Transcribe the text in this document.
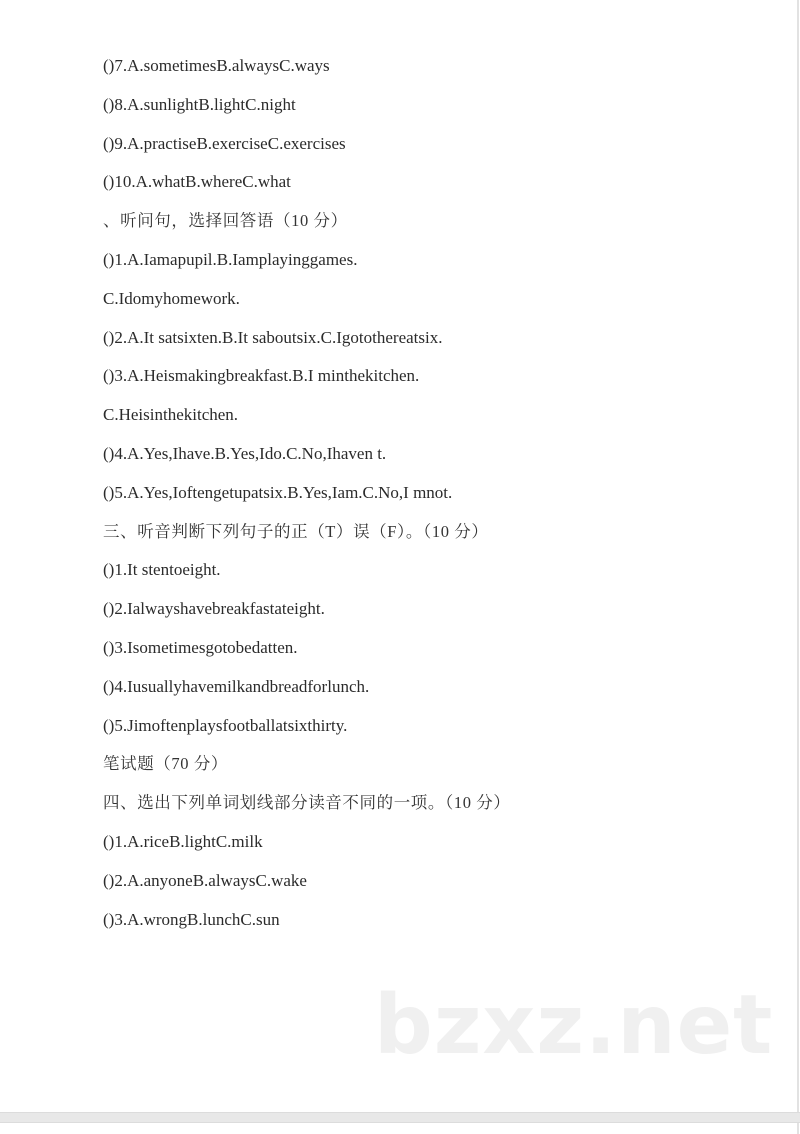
()7.A.sometimesB.alwaysC.ways
()8.A.sunlightB.lightC.night
()9.A.practiseB.exerciseC.exercises
()10.A.whatB.whereC.what
、听问句，选择回答语（10 分）
()1.A.Iamapupil.B.Iamplayinggames.
C.Idomyhomework.
()2.A.It satsixten.B.It saboutsix.C.Igotothereatsix.
()3.A.Heismakingbreakfast.B.I minthekitchen.
C.Heisinthekitchen.
()4.A.Yes,Ihave.B.Yes,Ido.C.No,Ihaven t.
()5.A.Yes,Ioftengetupatsix.B.Yes,Iam.C.No,I mnot.
三、听音判断下列句子的正（T）误（F）。（10 分）
()1.It stentoeight.
()2.Ialwayshavebreakfastateight.
()3.Isometimesgotobedatten.
()4.Iusuallyhavemilkandbreadforlunch.
()5.Jimoftenplaysfootballatsixthirty.
笔试题（70 分）
四、选出下列单词划线部分读音不同的一项。（10 分）
()1.A.riceB.lightC.milk
()2.A.anyoneB.alwaysC.wake
()3.A.wrongB.lunchC.sun
bzxz.net
